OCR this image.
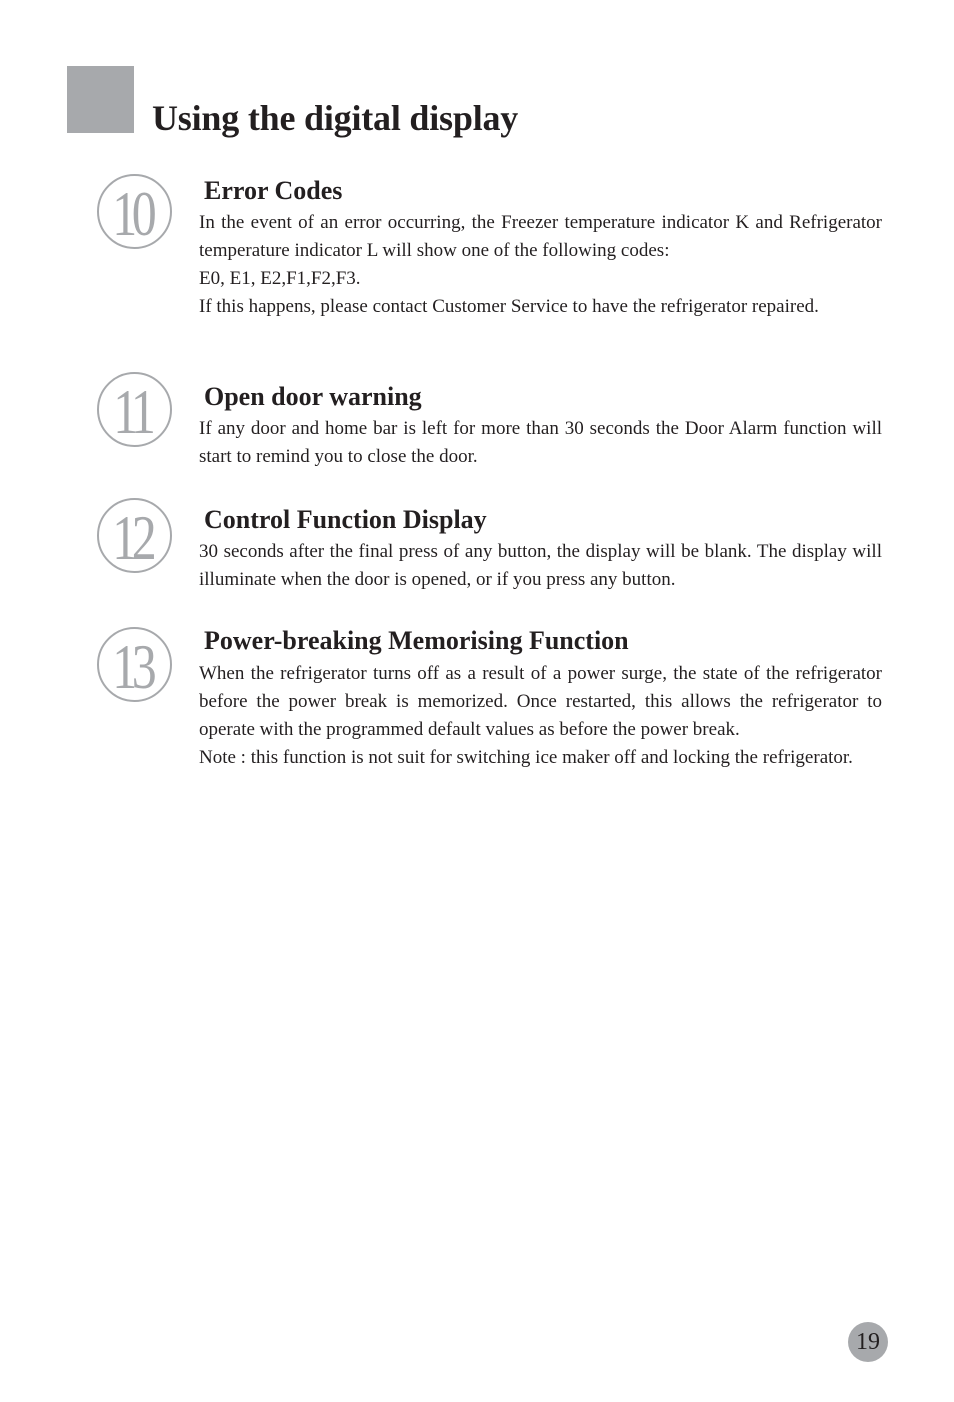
Using the digital display
10	Error Codes

In the event of an error occurring, the Freezer temperature indicator K and Refrigerator temperature indicator L will show one of the following codes:

E0, E1, E2,F1,F2,F3.

If this happens, please contact Customer Service to have the refrigerator repaired.

11	Open door warning

If any door and home bar is left for more than 30 seconds the Door Alarm function will start to remind you to close the door.

12	Control Function Display

30 seconds after the final press of any button, the display will be blank. The display will illuminate when the door is opened, or if you press any button.

13	Power-breaking Memorising Function

When the refrigerator turns off as a result of a power surge, the state of the refrigerator before the power break is memorized. Once restarted, this allows the refrigerator to operate with the programmed default values as before the power break.

Note : this function is not suit for switching ice maker off and locking the refrigerator.

19
